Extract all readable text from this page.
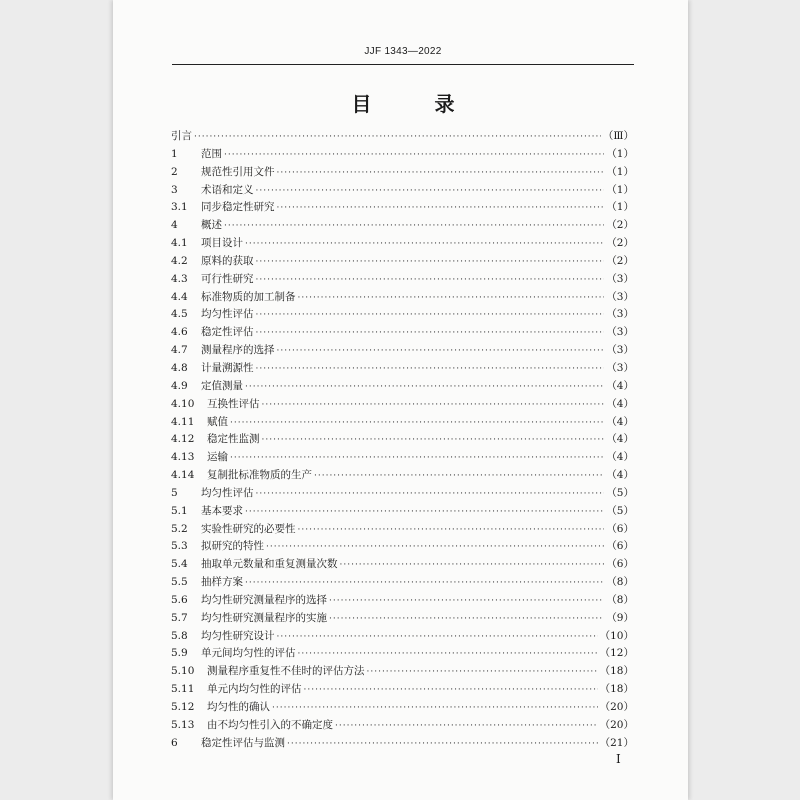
JJF 1343—2022
目 录
引言 ·····	（Ⅲ）
1	范围 ·····	（1）
2	规范性引用文件 ·····	（1）
3	术语和定义 ·····	（1）
3.1	同步稳定性研究 ·····	（1）
4	概述 ·····	（2）
4.1	项目设计 ·····	（2）
4.2	原料的获取 ·····	（2）
4.3	可行性研究 ·····	（3）
4.4	标准物质的加工制备 ·····	（3）
4.5	均匀性评估 ·····	（3）
4.6	稳定性评估 ·····	（3）
4.7	测量程序的选择 ·····	（3）
4.8	计量溯源性 ·····	（3）
4.9	定值测量 ·····	（4）
4.10	互换性评估 ·····	（4）
4.11	赋值 ·····	（4）
4.12	稳定性监测 ·····	（4）
4.13	运输 ·····	（4）
4.14	复制批标准物质的生产 ·····	（4）
5	均匀性评估 ·····	（5）
5.1	基本要求 ·····	（5）
5.2	实验性研究的必要性 ·····	（6）
5.3	拟研究的特性 ·····	（6）
5.4	抽取单元数量和重复测量次数 ·····	（6）
5.5	抽样方案 ·····	（8）
5.6	均匀性研究测量程序的选择 ·····	（8）
5.7	均匀性研究测量程序的实施 ·····	（9）
5.8	均匀性研究设计 ·····	（10）
5.9	单元间均匀性的评估 ·····	（12）
5.10	测量程序重复性不佳时的评估方法 ·····	（18）
5.11	单元内均匀性的评估 ·····	（18）
5.12	均匀性的确认 ·····	（20）
5.13	由不均匀性引入的不确定度 ·····	（20）
6	稳定性评估与监测 ·····	（21）
Ⅰ
